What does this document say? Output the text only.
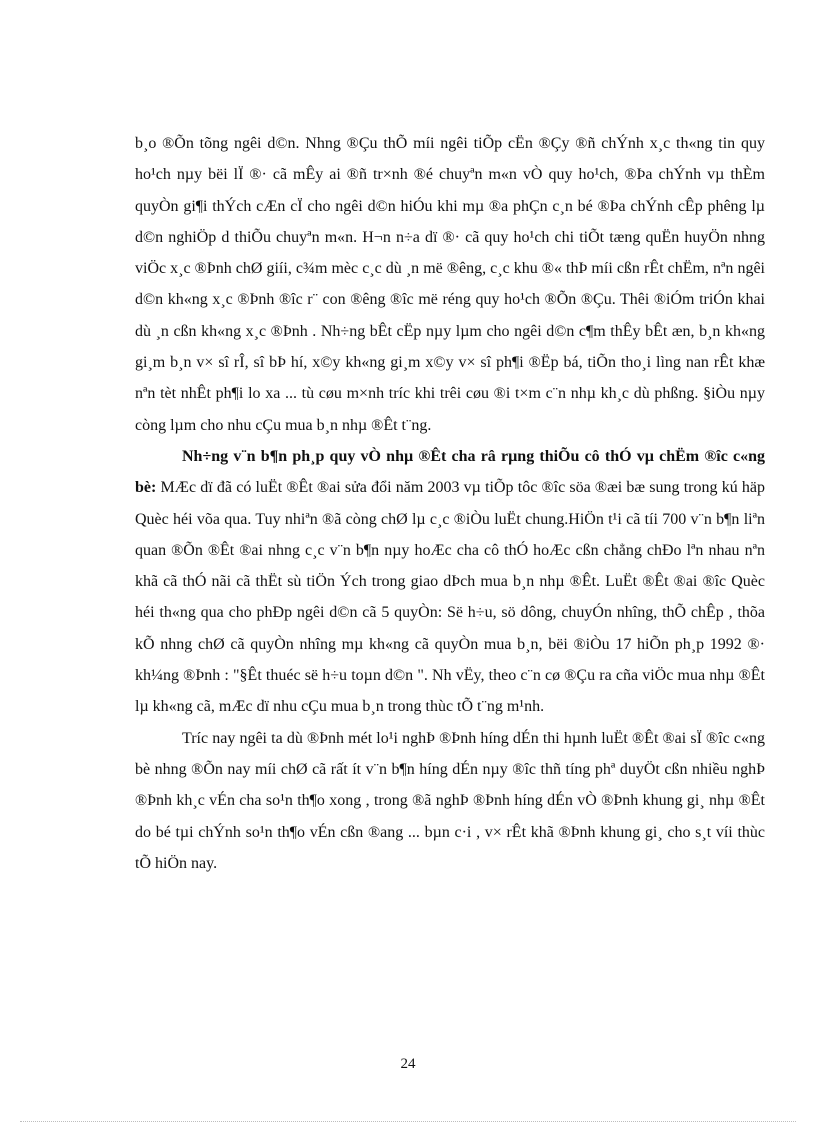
b¸o ®Õn tõng ngêi d©n. Nhng ®Çu thÕ míi ngêi tiÕp cËn ®Çy ®ñ chÝnh x¸c th«ng tin quy ho¹ch nµy bëi lÏ ®· cã mÊy ai ®ñ tr×nh ®é chuyªn m«n vÒ quy ho¹ch, ®Þa chÝnh vµ thÈm quyÒn gi¶i thÝch cÆn cÏ cho ngêi d©n hiÓu khi mµ ®a phÇn c¸n bé ®Þa chÝnh cÊp phêng lµ d©n nghiÖp d thiÕu chuyªn m«n. H¬n n÷a dï ®· cã quy ho¹ch chi tiÕt tæng quËn huyÖn nhng viÖc x¸c ®Þnh chØ giíi, c¾m mèc c¸c dù ¸n më ®êng, c¸c khu ®« thÞ míi cßn rÊt chËm, nªn ngêi d©n kh«ng x¸c ®Þnh ®îc r¨ con ®êng ®îc më réng quy ho¹ch ®Õn ®Çu. Thêi ®iÓm triÓn khai dù ¸n cßn kh«ng x¸c ®Þnh . Nh÷ng bÊt cËp nµy lµm cho ngêi d©n c¶m thÊy bÊt æn, b¸n kh«ng gi¸m b¸n v× sî rÎ, sî bÞ hí, x©y kh«ng gi¸m x©y v× sî ph¶i ®Ëp bá, tiÕn tho¸i lìng nan rÊt khæ nªn tèt nhÊt ph¶i lo xa ... tù cøu m×nh tríc khi trêi cøu ®i t×m c¨n nhµ kh¸c dù phßng. §iÒu nµy còng lµm cho nhu cÇu mua b¸n nhµ ®Êt t¨ng.

Nh÷ng v¨n b¶n ph¸p quy vÒ nhµ ®Êt cha râ rµng thiÕu cô thÓ vµ chËm ®îc c«ng bè: MÆc dï đã có luËt ®Êt ®ai sửa đổi năm 2003 vµ tiÕp tôc ®îc söa ®æi bæ sung trong kú häp Quèc héi võa qua. Tuy nhiªn ®ã còng chØ lµ c¸c ®iÒu luËt chung.HiÖn t¹i cã tíi 700 v¨n b¶n liªn quan ®Õn ®Êt ®ai nhng c¸c v¨n b¶n nµy hoÆc cha cô thÓ hoÆc cßn chẳng chÐo lªn nhau nªn khã cã thÓ nãi cã thËt sù tiÖn Ých trong giao dÞch mua b¸n nhµ ®Êt. LuËt ®Êt ®ai ®îc Quèc héi th«ng qua cho phÐp ngêi d©n cã 5 quyÒn: Së h÷u, sö dông, chuyÓn nhîng, thÕ chÊp , thõa kÕ nhng chØ cã quyÒn nhîng mµ kh«ng cã quyÒn mua b¸n, bëi ®iÒu 17 hiÕn ph¸p 1992 ®· kh¼ng ®Þnh : "§Êt thuéc së h÷u toµn d©n ". Nh vËy, theo c¨n cø ®Çu ra cña viÖc mua nhµ ®Êt lµ kh«ng cã, mÆc dï nhu cÇu mua b¸n trong thùc tÕ t¨ng m¹nh.

Tríc nay ngêi ta dù ®Þnh mét lo¹i nghÞ ®Þnh híng dÉn thi hµnh luËt ®Êt ®ai sÏ ®îc c«ng bè nhng ®Õn nay míi chØ cã rất ít v¨n b¶n híng dÉn nµy ®îc thñ tíng phª duyÖt cßn nhiều nghÞ ®Þnh kh¸c vÉn cha so¹n th¶o xong , trong ®ã nghÞ ®Þnh híng dÉn vÒ ®Þnh khung gi¸ nhµ ®Êt do bé tµi chÝnh so¹n th¶o vÉn cßn ®ang ... bµn c·i , v× rÊt khã ®Þnh khung gi¸ cho s¸t víi thùc tÕ hiÖn nay.

24
